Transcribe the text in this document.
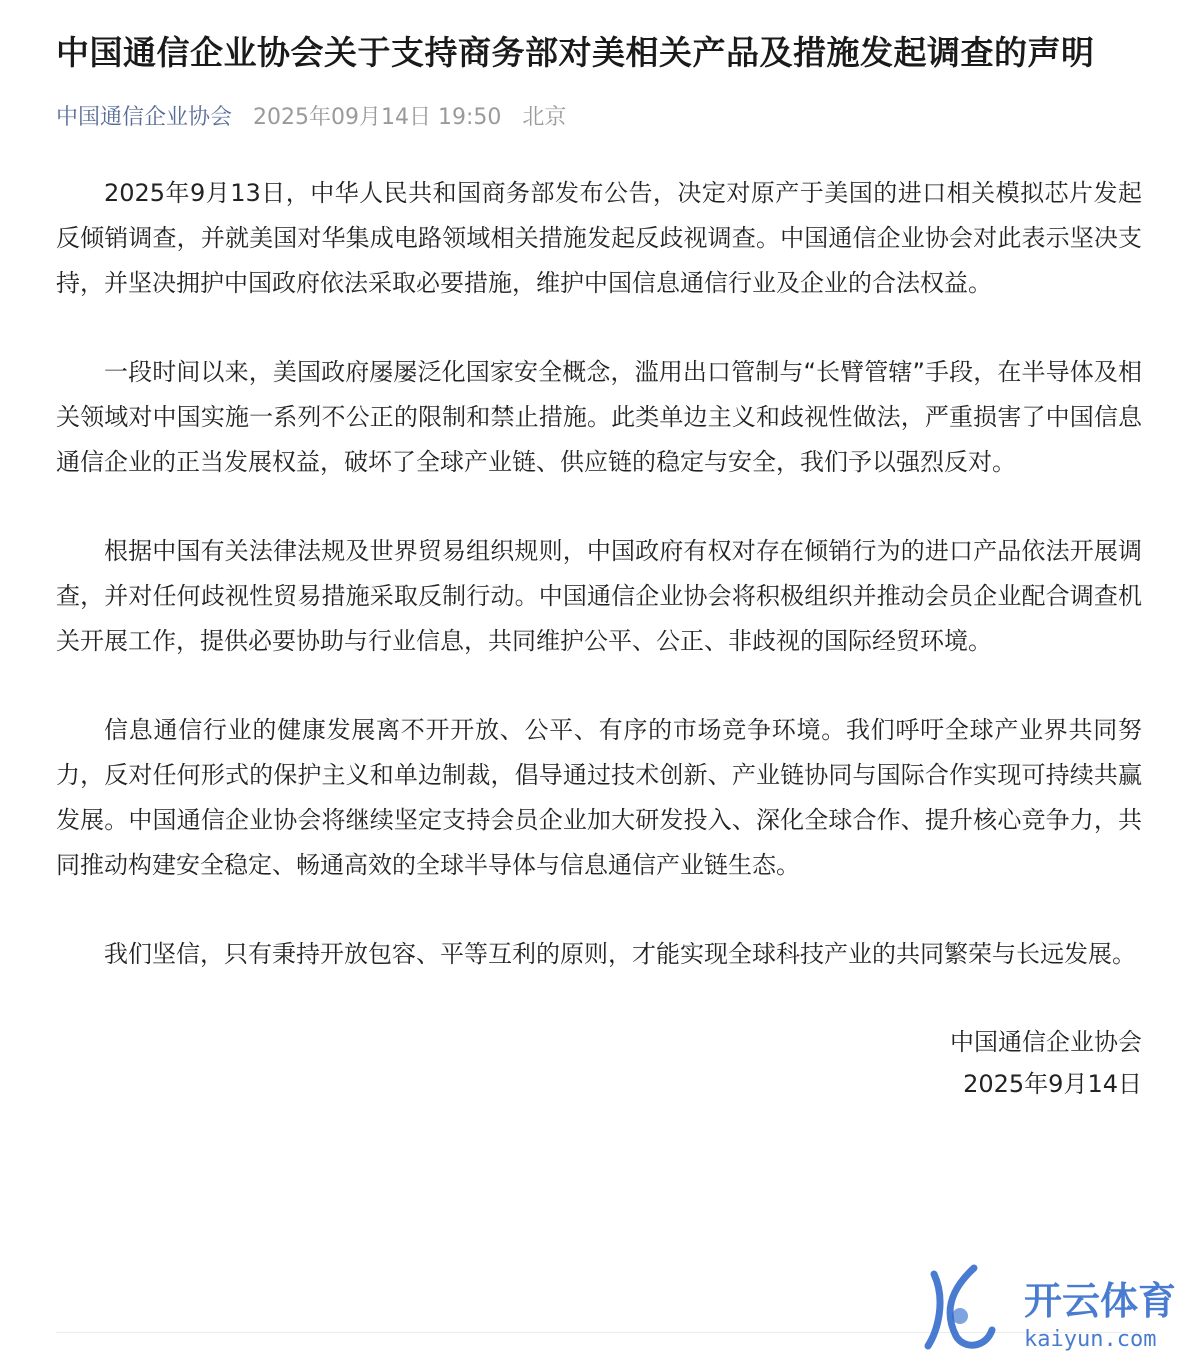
中国通信企业协会关于支持商务部对美相关产品及措施发起调查的声明
中国通信企业协会 2025年09月14日 19:50 北京

2025年9月13日，中华人民共和国商务部发布公告，决定对原产于美国的进口相关模拟芯片发起反倾销调查，并就美国对华集成电路领域相关措施发起反歧视调查。中国通信企业协会对此表示坚决支持，并坚决拥护中国政府依法采取必要措施，维护中国信息通信行业及企业的合法权益。

一段时间以来，美国政府屡屡泛化国家安全概念，滥用出口管制与“长臂管辖”手段，在半导体及相关领域对中国实施一系列不公正的限制和禁止措施。此类单边主义和歧视性做法，严重损害了中国信息通信企业的正当发展权益，破坏了全球产业链、供应链的稳定与安全，我们予以强烈反对。

根据中国有关法律法规及世界贸易组织规则，中国政府有权对存在倾销行为的进口产品依法开展调查，并对任何歧视性贸易措施采取反制行动。中国通信企业协会将积极组织并推动会员企业配合调查机关开展工作，提供必要协助与行业信息，共同维护公平、公正、非歧视的国际经贸环境。

信息通信行业的健康发展离不开开放、公平、有序的市场竞争环境。我们呼吁全球产业界共同努力，反对任何形式的保护主义和单边制裁，倡导通过技术创新、产业链协同与国际合作实现可持续共赢发展。中国通信企业协会将继续坚定支持会员企业加大研发投入、深化全球合作、提升核心竞争力，共同推动构建安全稳定、畅通高效的全球半导体与信息通信产业链生态。

我们坚信，只有秉持开放包容、平等互利的原则，才能实现全球科技产业的共同繁荣与长远发展。

中国通信企业协会
2025年9月14日
开云体育
kaiyun.com
